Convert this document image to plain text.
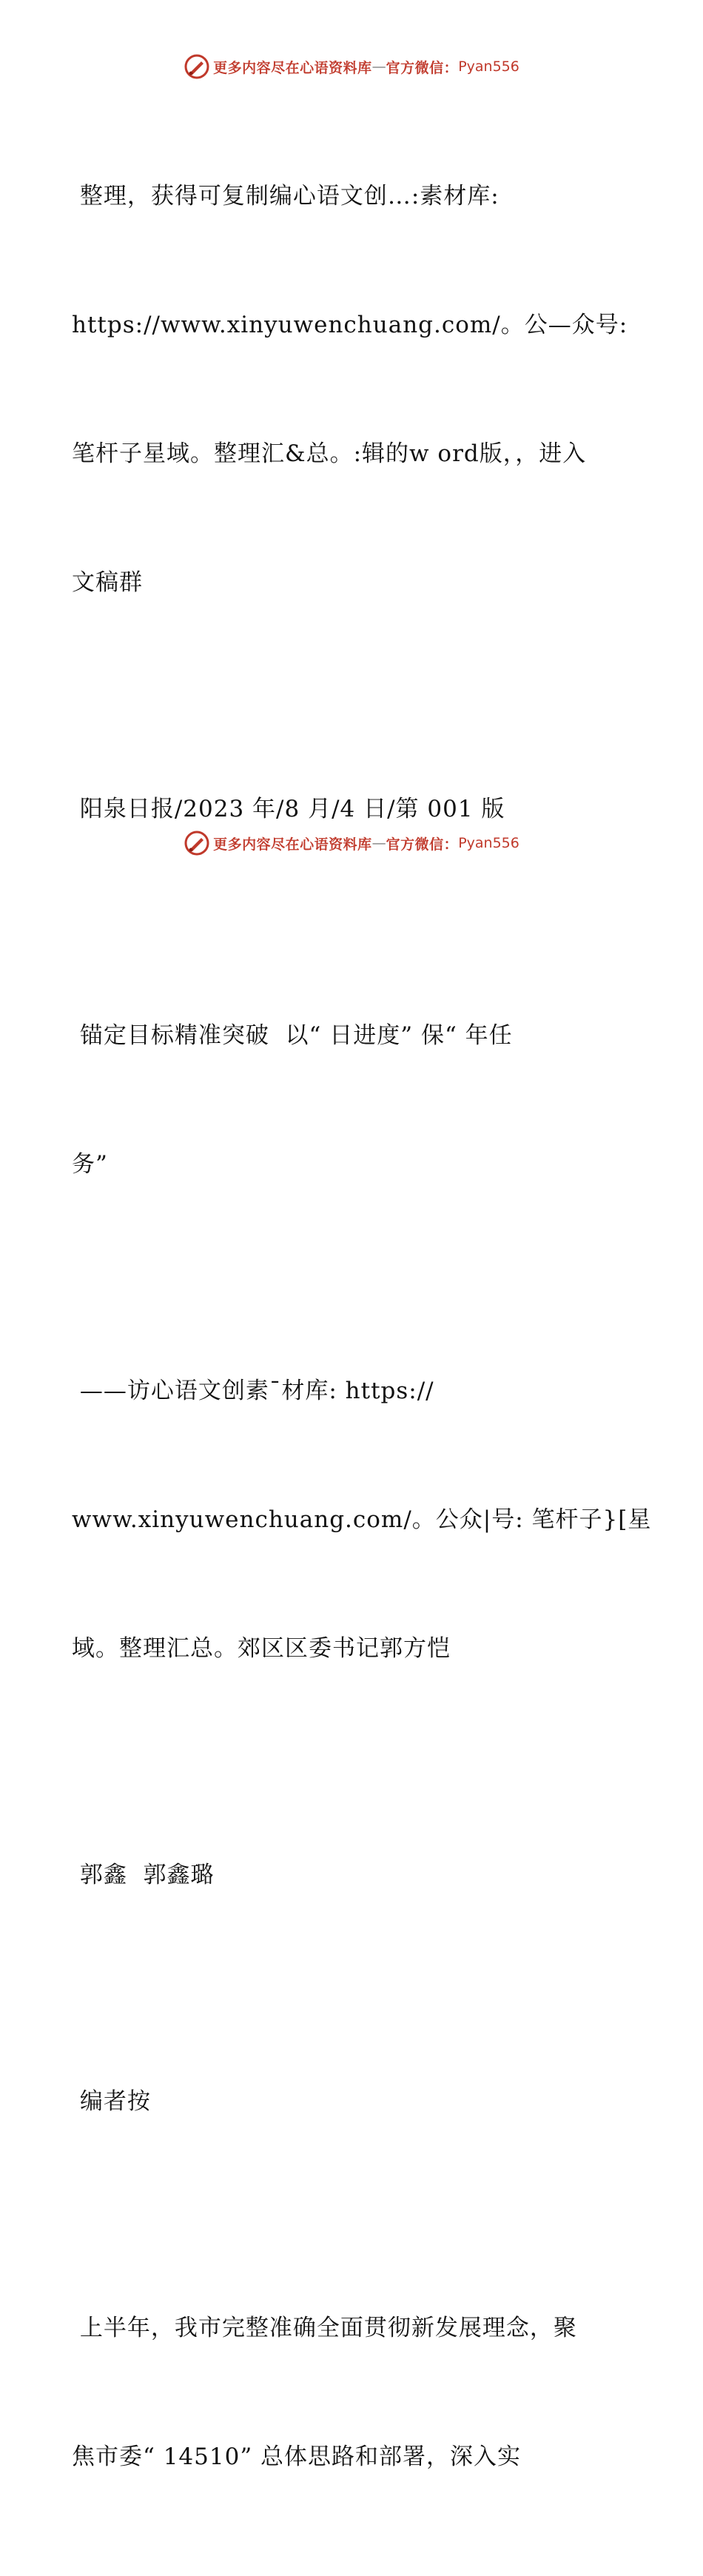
更多内容尽在心语资料库 — 官方微信： Pyan556

整理，获得可复制编心语文创…:素材库:

https://www.xinyuwenchuang.com/。公—众号:

笔杆子星域。整理汇&总。:辑的w ord版，，进入

文稿群

阳泉日报/2023 年/8 月/4 日/第 001 版

锚定目标精准突破  以“ 日进度” 保“ 年任

务”

——访心语文创素¯材库: https://

www.xinyuwenchuang.com/。公众|号: 笔杆子}[星

域。整理汇总。郊区区委书记郭方恺

郭鑫  郭鑫璐

编者按

上半年，我市完整准确全面贯彻新发展理念，聚

焦市委“ 14510” 总体思路和部署，深入实

更多内容尽在心语资料库 — 官方微信： Pyan556
